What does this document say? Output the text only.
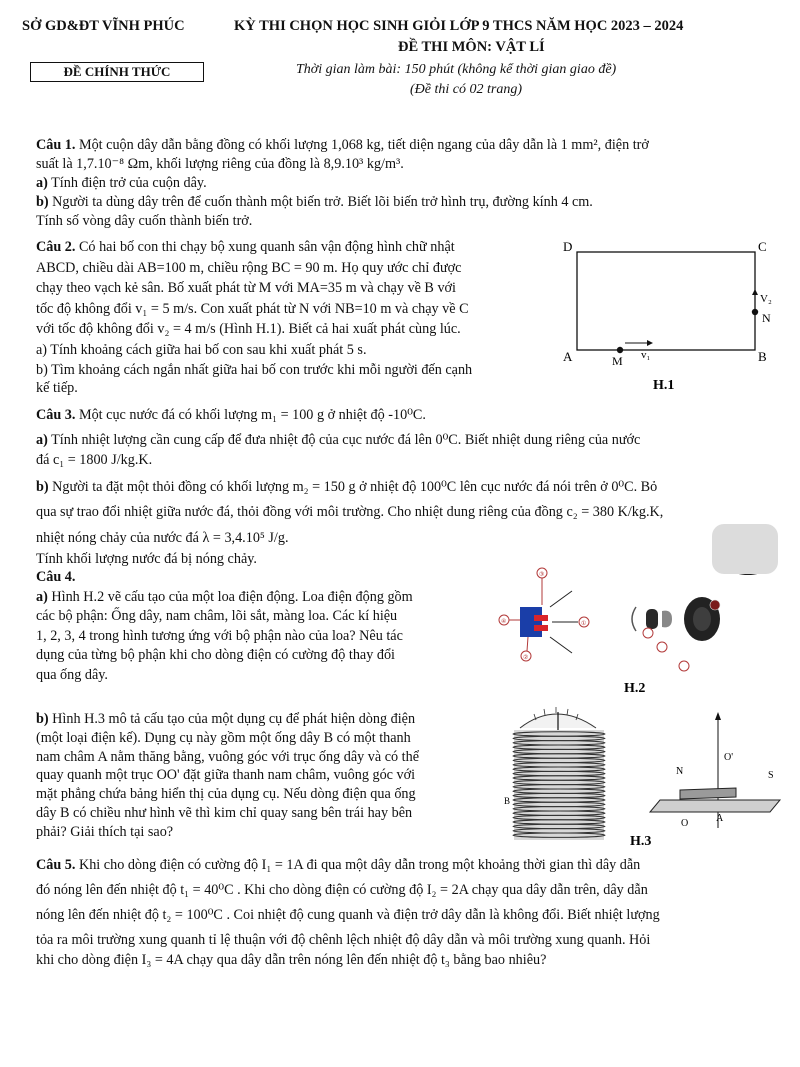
SỞ GD&ĐT VĨNH PHÚC	KỲ THI CHỌN HỌC SINH GIỎI LỚP 9 THCS NĂM HỌC 2023 – 2024
ĐỀ THI MÔN: VẬT LÍ
ĐỀ CHÍNH THỨC	Thời gian làm bài: 150 phút (không kể thời gian giao đề)
(Đề thi có 02 trang)
Câu 1. Một cuộn dây dẫn bằng đồng có khối lượng 1,068 kg, tiết diện ngang của dây dẫn là 1 mm², điện trở
suất là 1,7.10⁻⁸ Ωm, khối lượng riêng của đồng là 8,9.10³ kg/m³.
a) Tính điện trở của cuộn dây.
b) Người ta dùng dây trên để cuốn thành một biến trở. Biết lõi biến trở hình trụ, đường kính 4 cm.
Tính số vòng dây cuốn thành biến trở.
Câu 2. Có hai bố con thi chạy bộ xung quanh sân vận động hình chữ nhật
ABCD, chiều dài AB=100 m, chiều rộng BC = 90 m. Họ quy ước chỉ được
chạy theo vạch kẻ sân. Bố xuất phát từ M với MA=35 m và chạy về B với
tốc độ không đổi v₁ = 5 m/s. Con xuất phát từ N với NB=10 m và chạy về C
với tốc độ không đổi v₂ = 4 m/s (Hình H.1). Biết cả hai xuất phát cùng lúc.
a) Tính khoảng cách giữa hai bố con sau khi xuất phát 5 s.
b) Tìm khoảng cách ngắn nhất giữa hai bố con trước khi mỗi người đến cạnh
kế tiếp.
D	C
A	B
M v₁
V₂
N
H.1
Câu 3. Một cục nước đá có khối lượng m₁ = 100 g ở nhiệt độ -10⁰C.
a) Tính nhiệt lượng cần cung cấp để đưa nhiệt độ của cục nước đá lên 0⁰C. Biết nhiệt dung riêng của nước
đá c₁ = 1800 J/kg.K.
b) Người ta đặt một thỏi đồng có khối lượng m₂ = 150 g ở nhiệt độ 100⁰C lên cục nước đá nói trên ở 0⁰C. Bỏ
qua sự trao đổi nhiệt giữa nước đá, thỏi đồng với môi trường. Cho nhiệt dung riêng của đồng c₂ = 380 K/kg.K,
nhiệt nóng chảy của nước đá λ = 3,4.10⁵ J/g.
Tính khối lượng nước đá bị nóng chảy.
Câu 4.
a) Hình H.2 vẽ cấu tạo của một loa điện động. Loa điện động gồm
các bộ phận: Ống dây, nam châm, lõi sắt, màng loa. Các kí hiệu
1, 2, 3, 4 trong hình tương ứng với bộ phận nào của loa? Nêu tác
dụng của từng bộ phận khi cho dòng điện có cường độ thay đổi
qua ống dây.
③
④	①
②
H.2
b) Hình H.3 mô tả cấu tạo của một dụng cụ để phát hiện dòng điện
(một loại điện kế). Dụng cụ này gồm một ống dây B có một thanh
nam châm A nằm thăng bằng, vuông góc với trục ống dây và có thể
quay quanh một trục OO' đặt giữa thanh nam châm, vuông góc với
mặt phẳng chứa bảng hiển thị của dụng cụ. Nếu dòng điện qua ống
dây B có chiều như hình vẽ thì kim chỉ quay sang bên trái hay bên
phải? Giải thích tại sao?
B
N	S
O'
O	A
H.3
Câu 5. Khi cho dòng điện có cường độ I₁ = 1A đi qua một dây dẫn trong một khoảng thời gian thì dây dẫn
đó nóng lên đến nhiệt độ t₁ = 40⁰C . Khi cho dòng điện có cường độ I₂ = 2A chạy qua dây dẫn trên, dây dẫn
nóng lên đến nhiệt độ t₂ = 100⁰C . Coi nhiệt độ cung quanh và điện trở dây dẫn là không đổi. Biết nhiệt lượng
tỏa ra môi trường xung quanh tỉ lệ thuận với độ chênh lệch nhiệt độ dây dẫn và môi trường xung quanh. Hỏi
khi cho dòng điện I₃ = 4A chạy qua dây dẫn trên nóng lên đến nhiệt độ t₃ bằng bao nhiêu?
